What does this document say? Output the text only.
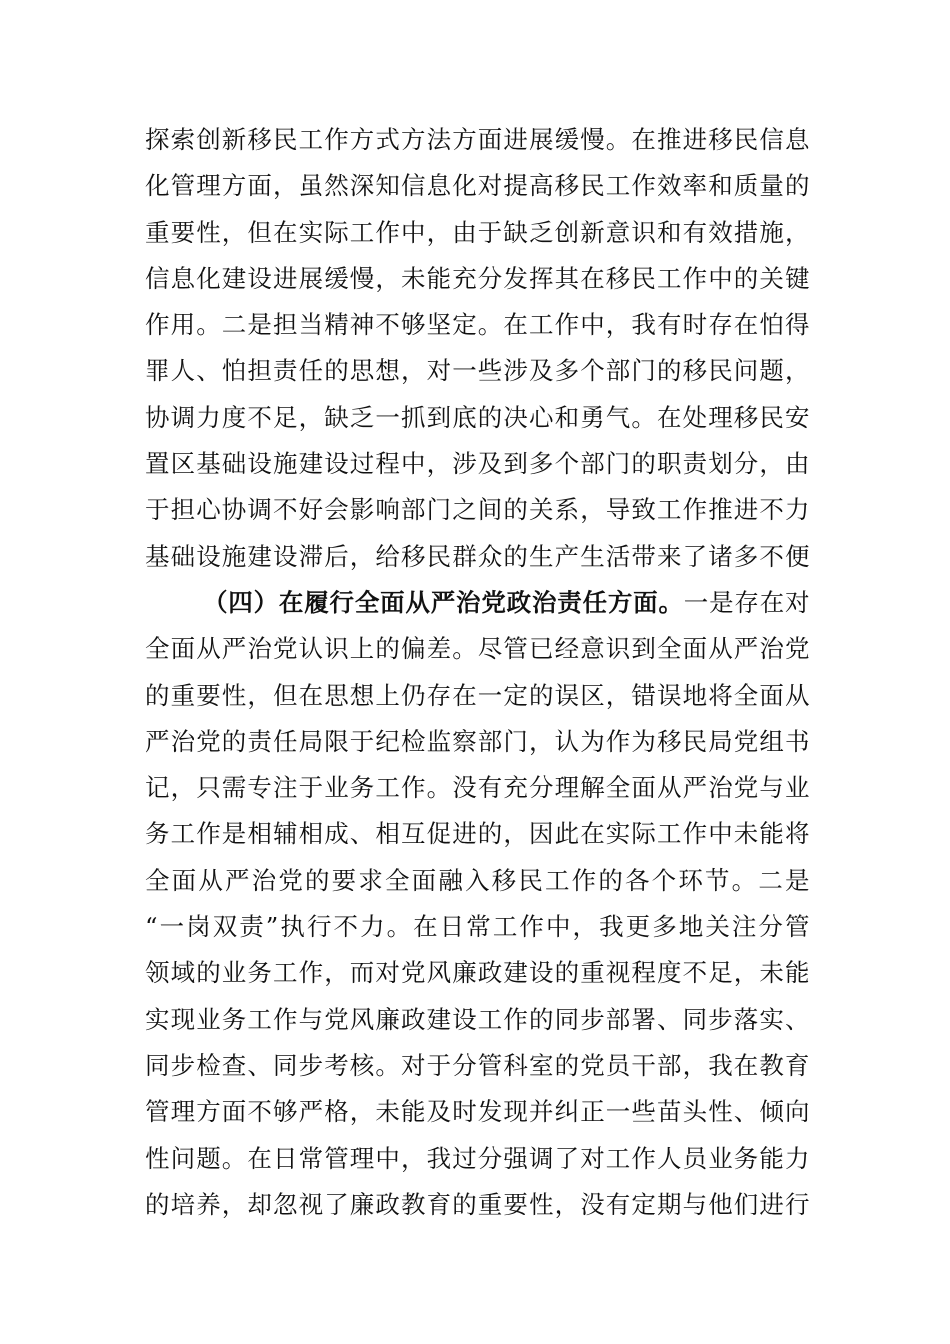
探索创新移民工作方式方法方面进展缓慢。在推进移民信息
化管理方面，虽然深知信息化对提高移民工作效率和质量的
重要性，但在实际工作中，由于缺乏创新意识和有效措施，
信息化建设进展缓慢，未能充分发挥其在移民工作中的关键
作用。二是担当精神不够坚定。在工作中，我有时存在怕得
罪人、怕担责任的思想，对一些涉及多个部门的移民问题，
协调力度不足，缺乏一抓到底的决心和勇气。在处理移民安
置区基础设施建设过程中，涉及到多个部门的职责划分，由
于担心协调不好会影响部门之间的关系，导致工作推进不力
基础设施建设滞后，给移民群众的生产生活带来了诸多不便
（四）在履行全面从严治党政治责任方面。一是存在对
全面从严治党认识上的偏差。尽管已经意识到全面从严治党
的重要性，但在思想上仍存在一定的误区，错误地将全面从
严治党的责任局限于纪检监察部门，认为作为移民局党组书
记，只需专注于业务工作。没有充分理解全面从严治党与业
务工作是相辅相成、相互促进的，因此在实际工作中未能将
全面从严治党的要求全面融入移民工作的各个环节。二是
“一岗双责”执行不力。在日常工作中，我更多地关注分管
领域的业务工作，而对党风廉政建设的重视程度不足，未能
实现业务工作与党风廉政建设工作的同步部署、同步落实、
同步检查、同步考核。对于分管科室的党员干部，我在教育
管理方面不够严格，未能及时发现并纠正一些苗头性、倾向
性问题。在日常管理中，我过分强调了对工作人员业务能力
的培养，却忽视了廉政教育的重要性，没有定期与他们进行
